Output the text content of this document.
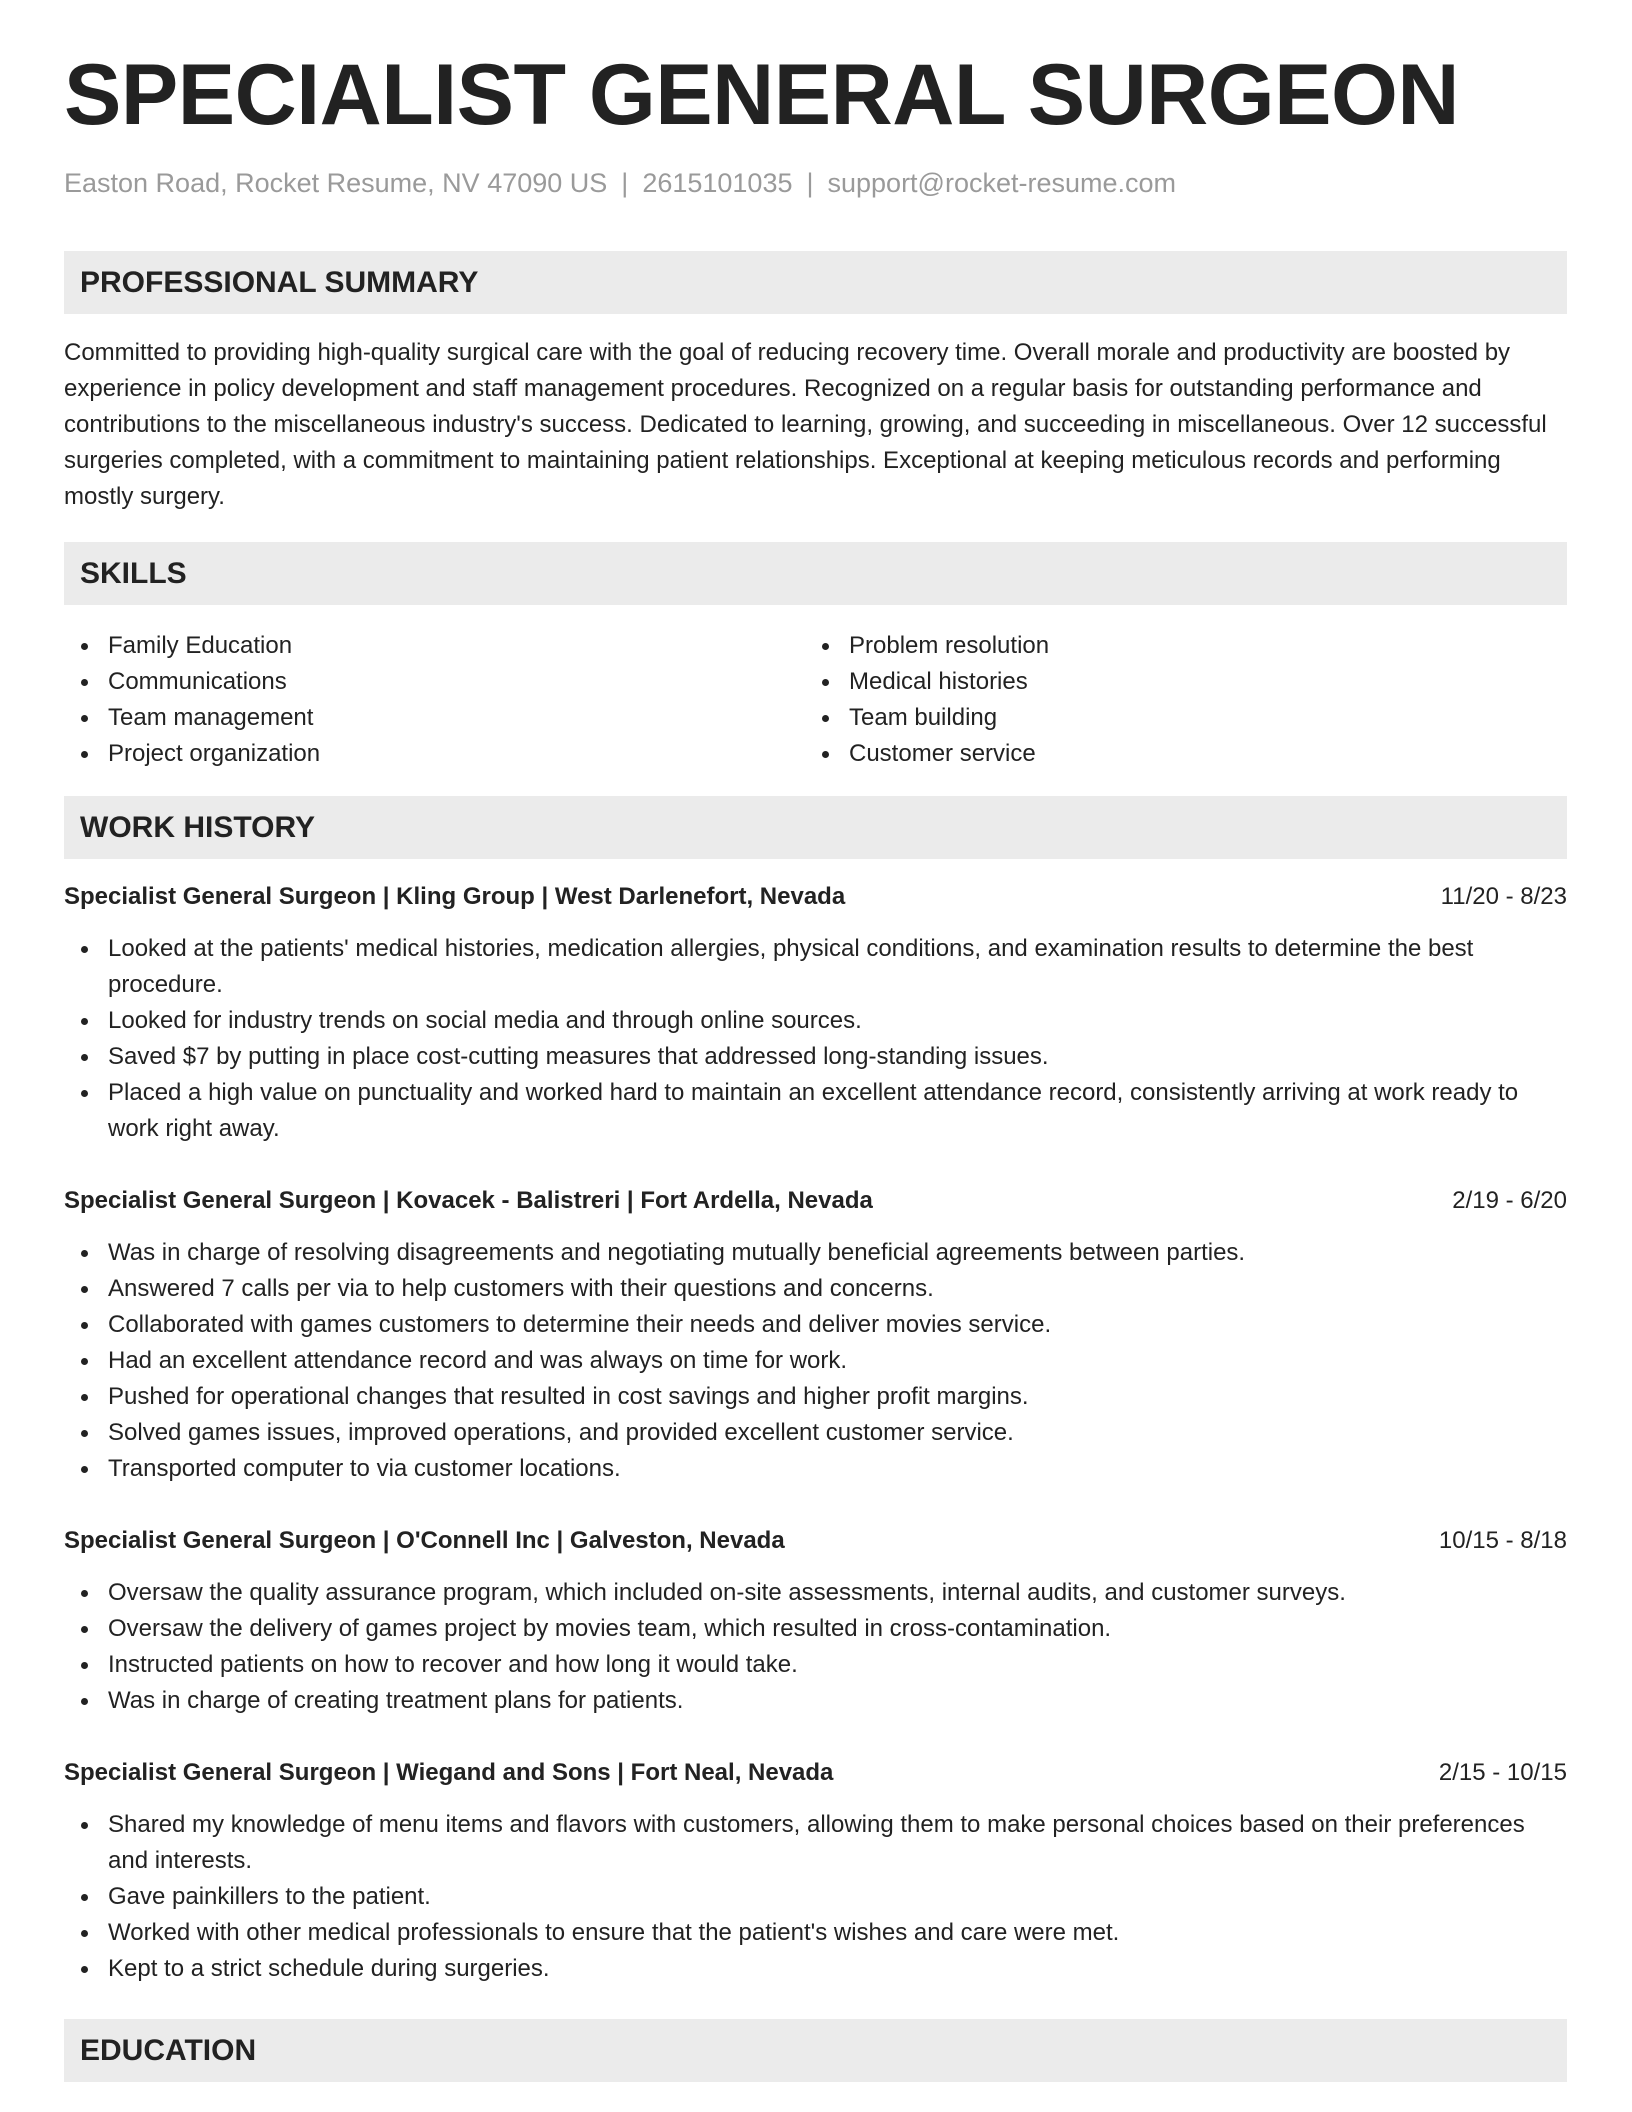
SPECIALIST GENERAL SURGEON
Easton Road, Rocket Resume, NV 47090 US | 2615101035 | support@rocket-resume.com
PROFESSIONAL SUMMARY

Committed to providing high-quality surgical care with the goal of reducing recovery time. Overall morale and productivity are boosted by experience in policy development and staff management procedures. Recognized on a regular basis for outstanding performance and contributions to the miscellaneous industry's success. Dedicated to learning, growing, and succeeding in miscellaneous. Over 12 successful surgeries completed, with a commitment to maintaining patient relationships. Exceptional at keeping meticulous records and performing mostly surgery.

SKILLS
Family Education
Communications
Team management
Project organization
Problem resolution
Medical histories
Team building
Customer service
WORK HISTORY
Specialist General Surgeon | Kling Group | West Darlenefort, Nevada	11/20 - 8/23
Looked at the patients' medical histories, medication allergies, physical conditions, and examination results to determine the best procedure.
Looked for industry trends on social media and through online sources.
Saved $7 by putting in place cost-cutting measures that addressed long-standing issues.
Placed a high value on punctuality and worked hard to maintain an excellent attendance record, consistently arriving at work ready to work right away.
Specialist General Surgeon | Kovacek - Balistreri | Fort Ardella, Nevada	2/19 - 6/20
Was in charge of resolving disagreements and negotiating mutually beneficial agreements between parties.
Answered 7 calls per via to help customers with their questions and concerns.
Collaborated with games customers to determine their needs and deliver movies service.
Had an excellent attendance record and was always on time for work.
Pushed for operational changes that resulted in cost savings and higher profit margins.
Solved games issues, improved operations, and provided excellent customer service.
Transported computer to via customer locations.
Specialist General Surgeon | O'Connell Inc | Galveston, Nevada	10/15 - 8/18
Oversaw the quality assurance program, which included on-site assessments, internal audits, and customer surveys.
Oversaw the delivery of games project by movies team, which resulted in cross-contamination.
Instructed patients on how to recover and how long it would take.
Was in charge of creating treatment plans for patients.
Specialist General Surgeon | Wiegand and Sons | Fort Neal, Nevada	2/15 - 10/15
Shared my knowledge of menu items and flavors with customers, allowing them to make personal choices based on their preferences and interests.
Gave painkillers to the patient.
Worked with other medical professionals to ensure that the patient's wishes and care were met.
Kept to a strict schedule during surgeries.
EDUCATION
